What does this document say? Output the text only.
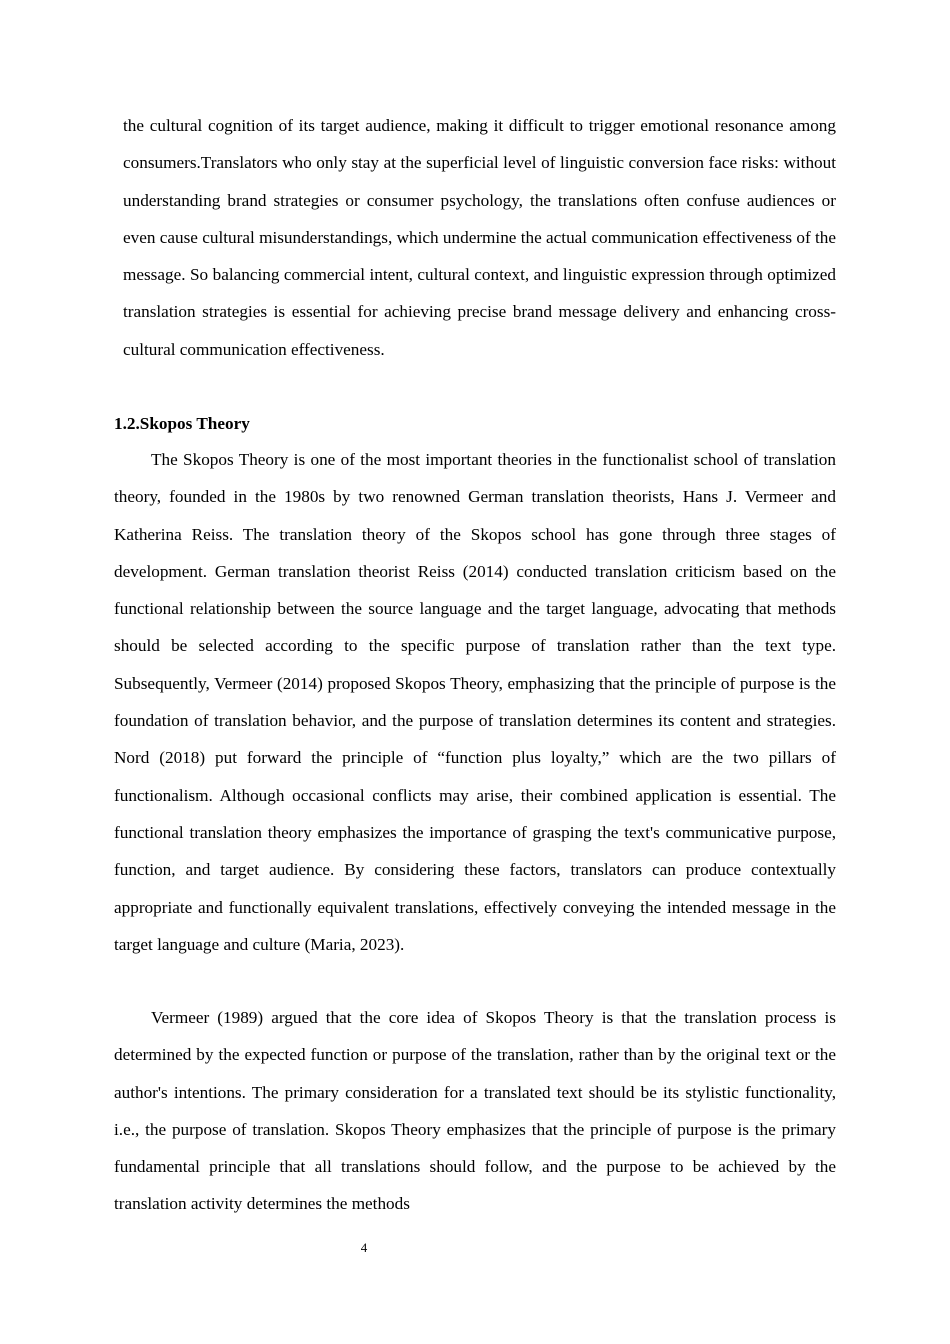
the cultural cognition of its target audience, making it difficult to trigger emotional resonance among consumers.Translators who only stay at the superficial level of linguistic conversion face risks: without understanding brand strategies or consumer psychology, the translations often confuse audiences or even cause cultural misunderstandings, which undermine the actual communication effectiveness of the message. So balancing commercial intent, cultural context, and linguistic expression through optimized translation strategies is essential for achieving precise brand message delivery and enhancing cross-cultural communication effectiveness.

1.2.Skopos Theory

The Skopos Theory is one of the most important theories in the functionalist school of translation theory, founded in the 1980s by two renowned German translation theorists, Hans J. Vermeer and Katherina Reiss. The translation theory of the Skopos school has gone through three stages of development. German translation theorist Reiss (2014) conducted translation criticism based on the functional relationship between the source language and the target language, advocating that methods should be selected according to the specific purpose of translation rather than the text type. Subsequently, Vermeer (2014) proposed Skopos Theory, emphasizing that the principle of purpose is the foundation of translation behavior, and the purpose of translation determines its content and strategies. Nord (2018) put forward the principle of “function plus loyalty,” which are the two pillars of functionalism. Although occasional conflicts may arise, their combined application is essential. The functional translation theory emphasizes the importance of grasping the text's communicative purpose, function, and target audience. By considering these factors, translators can produce contextually appropriate and functionally equivalent translations, effectively conveying the intended message in the target language and culture (Maria, 2023).

Vermeer (1989) argued that the core idea of Skopos Theory is that the translation process is determined by the expected function or purpose of the translation, rather than by the original text or the author's intentions. The primary consideration for a translated text should be its stylistic functionality, i.e., the purpose of translation. Skopos Theory emphasizes that the principle of purpose is the primary fundamental principle that all translations should follow, and the purpose to be achieved by the translation activity determines the methods

4
